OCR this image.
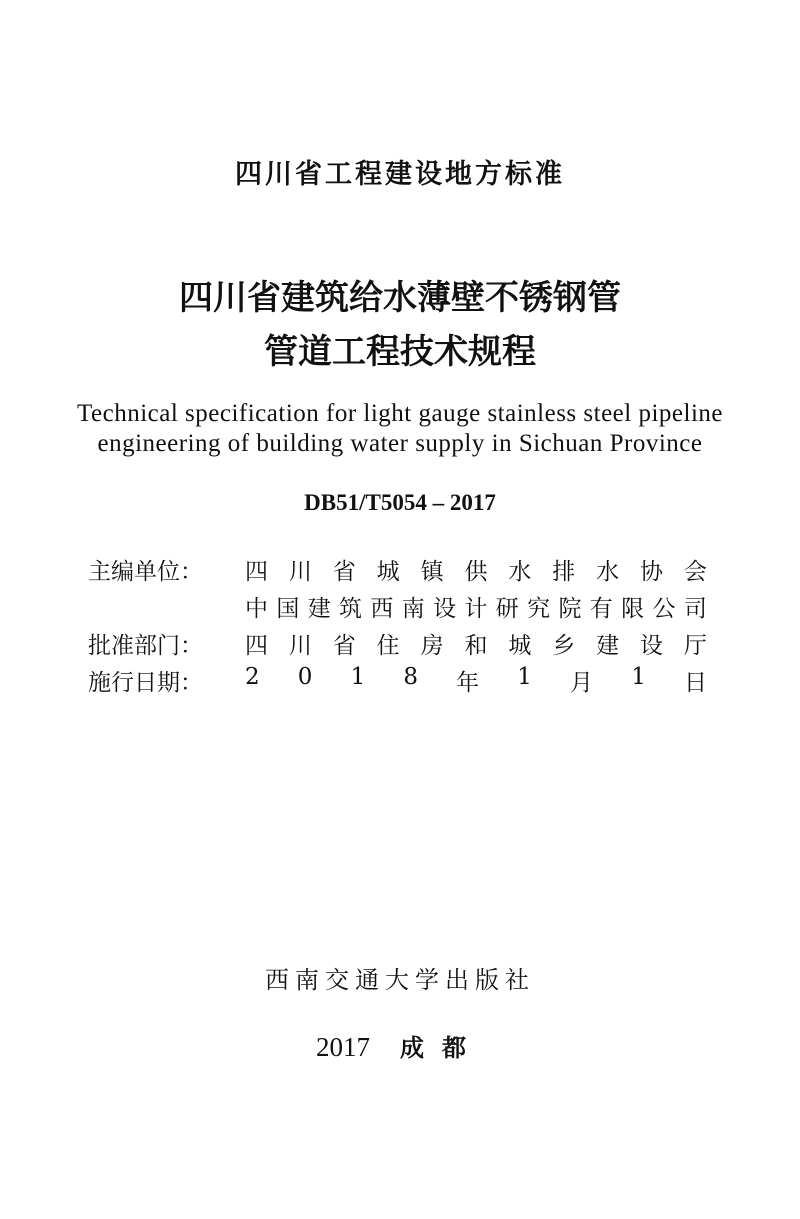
四川省工程建设地方标准
四川省建筑给水薄壁不锈钢管
管道工程技术规程
Technical specification for light gauge stainless steel pipeline
engineering of building water supply in Sichuan Province
DB51/T5054 – 2017
主编单位：	四 川 省 城 镇 供 水 排 水 协 会
中 国 建 筑 西 南 设 计 研 究 院 有 限 公 司
批准部门：	四 川 省 住 房 和 城 乡 建 设 厅
施行日期：	2 0 1 8 年 1 月 1 日
西南交通大学出版社
2017 成都
